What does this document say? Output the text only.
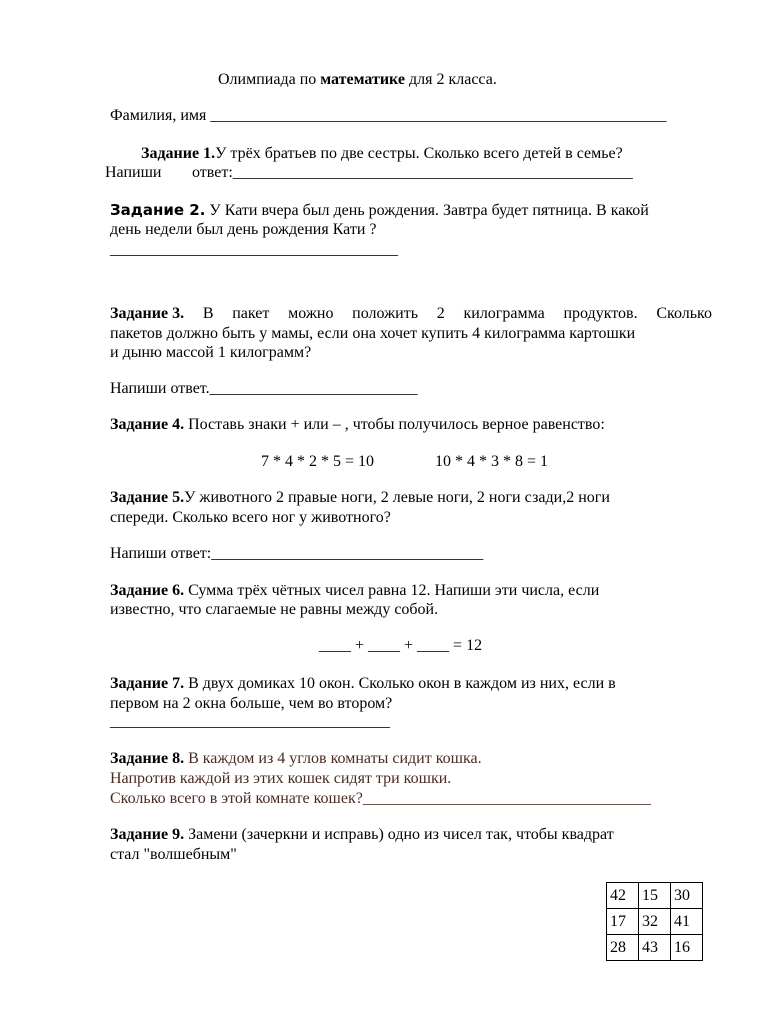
Олимпиада по математике для 2 класса.
Фамилия, имя _________________________________________________________
Задание 1.У трёх братьев по две сестры. Сколько всего детей в семье?
Напиши ответ:__________________________________________________
Задание 2. У Кати вчера был день рождения. Завтра будет пятница. В какой
день недели был день рождения Кати ?
____________________________________
Задание 3. В пакет можно положить 2 килограмма продуктов. Сколько
пакетов должно быть у мамы, если она хочет купить 4 килограмма картошки
и дыню массой 1 килограмм?
Напиши ответ.__________________________
Задание 4. Поставь знаки + или – , чтобы получилось верное равенство:
7 * 4 * 2 * 5 = 10	10 * 4 * 3 * 8 = 1
Задание 5.У животного 2 правые ноги, 2 левые ноги, 2 ноги сзади,2 ноги
спереди. Сколько всего ног у животного?
Напиши ответ:__________________________________
Задание 6. Сумма трёх чётных чисел равна 12. Напиши эти числа, если
известно, что слагаемые не равны между собой.
____ + ____ + ____ = 12
Задание 7. В двух домиках 10 окон. Сколько окон в каждом из них, если в
первом на 2 окна больше, чем во втором?
___________________________________
Задание 8. В каждом из 4 углов комнаты сидит кошка.
Напротив каждой из этих кошек сидят три кошки.
Сколько всего в этой комнате кошек?____________________________________
Задание 9. Замени (зачеркни и исправь) одно из чисел так, чтобы квадрат
стал "волшебным"
42	15	30
17	32	41
28	43	16
